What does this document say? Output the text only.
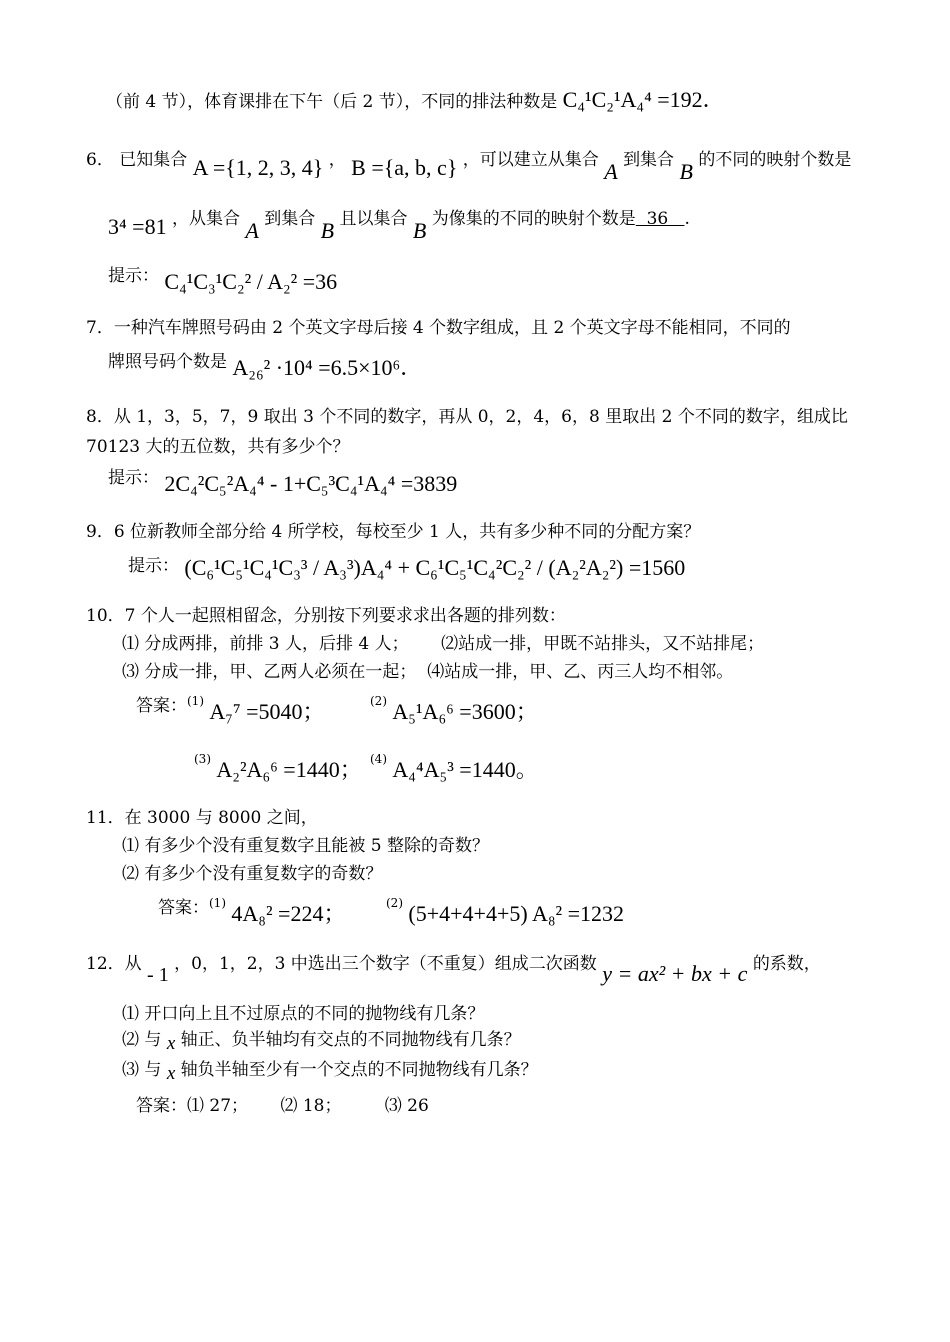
（前 4 节），体育课排在下午（后 2 节），不同的排法种数是 C₄¹C₂¹A₄⁴ =192．
6． 已知集合 A ={1, 2, 3, 4} ， B ={a, b, c} ，可以建立从集合 A 到集合 B 的不同的映射个数是
3⁴ =81 ，从集合 A 到集合 B 且以集合 B 为像集的不同的映射个数是  36   .
提示： C₄¹C₃¹C₂² / A₂² =36
7．一种汽车牌照号码由 2 个英文字母后接 4 个数字组成，且 2 个英文字母不能相同，不同的
牌照号码个数是 A₂₆² ·10⁴ =6.5×10⁶．
8．从 1，3，5，7，9 取出 3 个不同的数字，再从 0，2，4，6，8 里取出 2 个不同的数字，组成比
70123 大的五位数，共有多少个？
提示： 2C₄²C₅²A₄⁴ - 1+C₅³C₄¹A₄⁴ =3839
9．6 位新教师全部分给 4 所学校，每校至少 1 人，共有多少种不同的分配方案？
提示： (C₆¹C₅¹C₄¹C₃³ / A₃³)A₄⁴ + C₆¹C₅¹C₄²C₂² / (A₂²A₂²) =1560
10．7 个人一起照相留念，分别按下列要求求出各题的排列数：
⑴ 分成两排，前排 3 人，后排 4 人；      ⑵站成一排，甲既不站排头，又不站排尾；
⑶ 分成一排，甲、乙两人必须在一起；  ⑷站成一排，甲、乙、丙三人均不相邻。
答案：$^{(1)}$ A₇⁷ =5040；	$^{(2)}$ A₅¹A₆⁶ =3600；
$^{(3)}$ A₂²A₆⁶ =1440； $^{(4)}$ A₄⁴A₅³ =1440。
11．在 3000 与 8000 之间，
⑴ 有多少个没有重复数字且能被 5 整除的奇数？
⑵ 有多少个没有重复数字的奇数？
答案：$^{(1)}$ 4A₈² =224；	$^{(2)}$ (5+4+4+4+5) A₈² =1232
12．从 - 1 ，0，1，2，3 中选出三个数字（不重复）组成二次函数 y = ax² + bx + c 的系数，
⑴ 开口向上且不过原点的不同的抛物线有几条？
⑵ 与 x 轴正、负半轴均有交点的不同抛物线有几条？
⑶ 与 x 轴负半轴至少有一个交点的不同抛物线有几条？
答案：⑴ 27；      ⑵ 18；        ⑶ 26
